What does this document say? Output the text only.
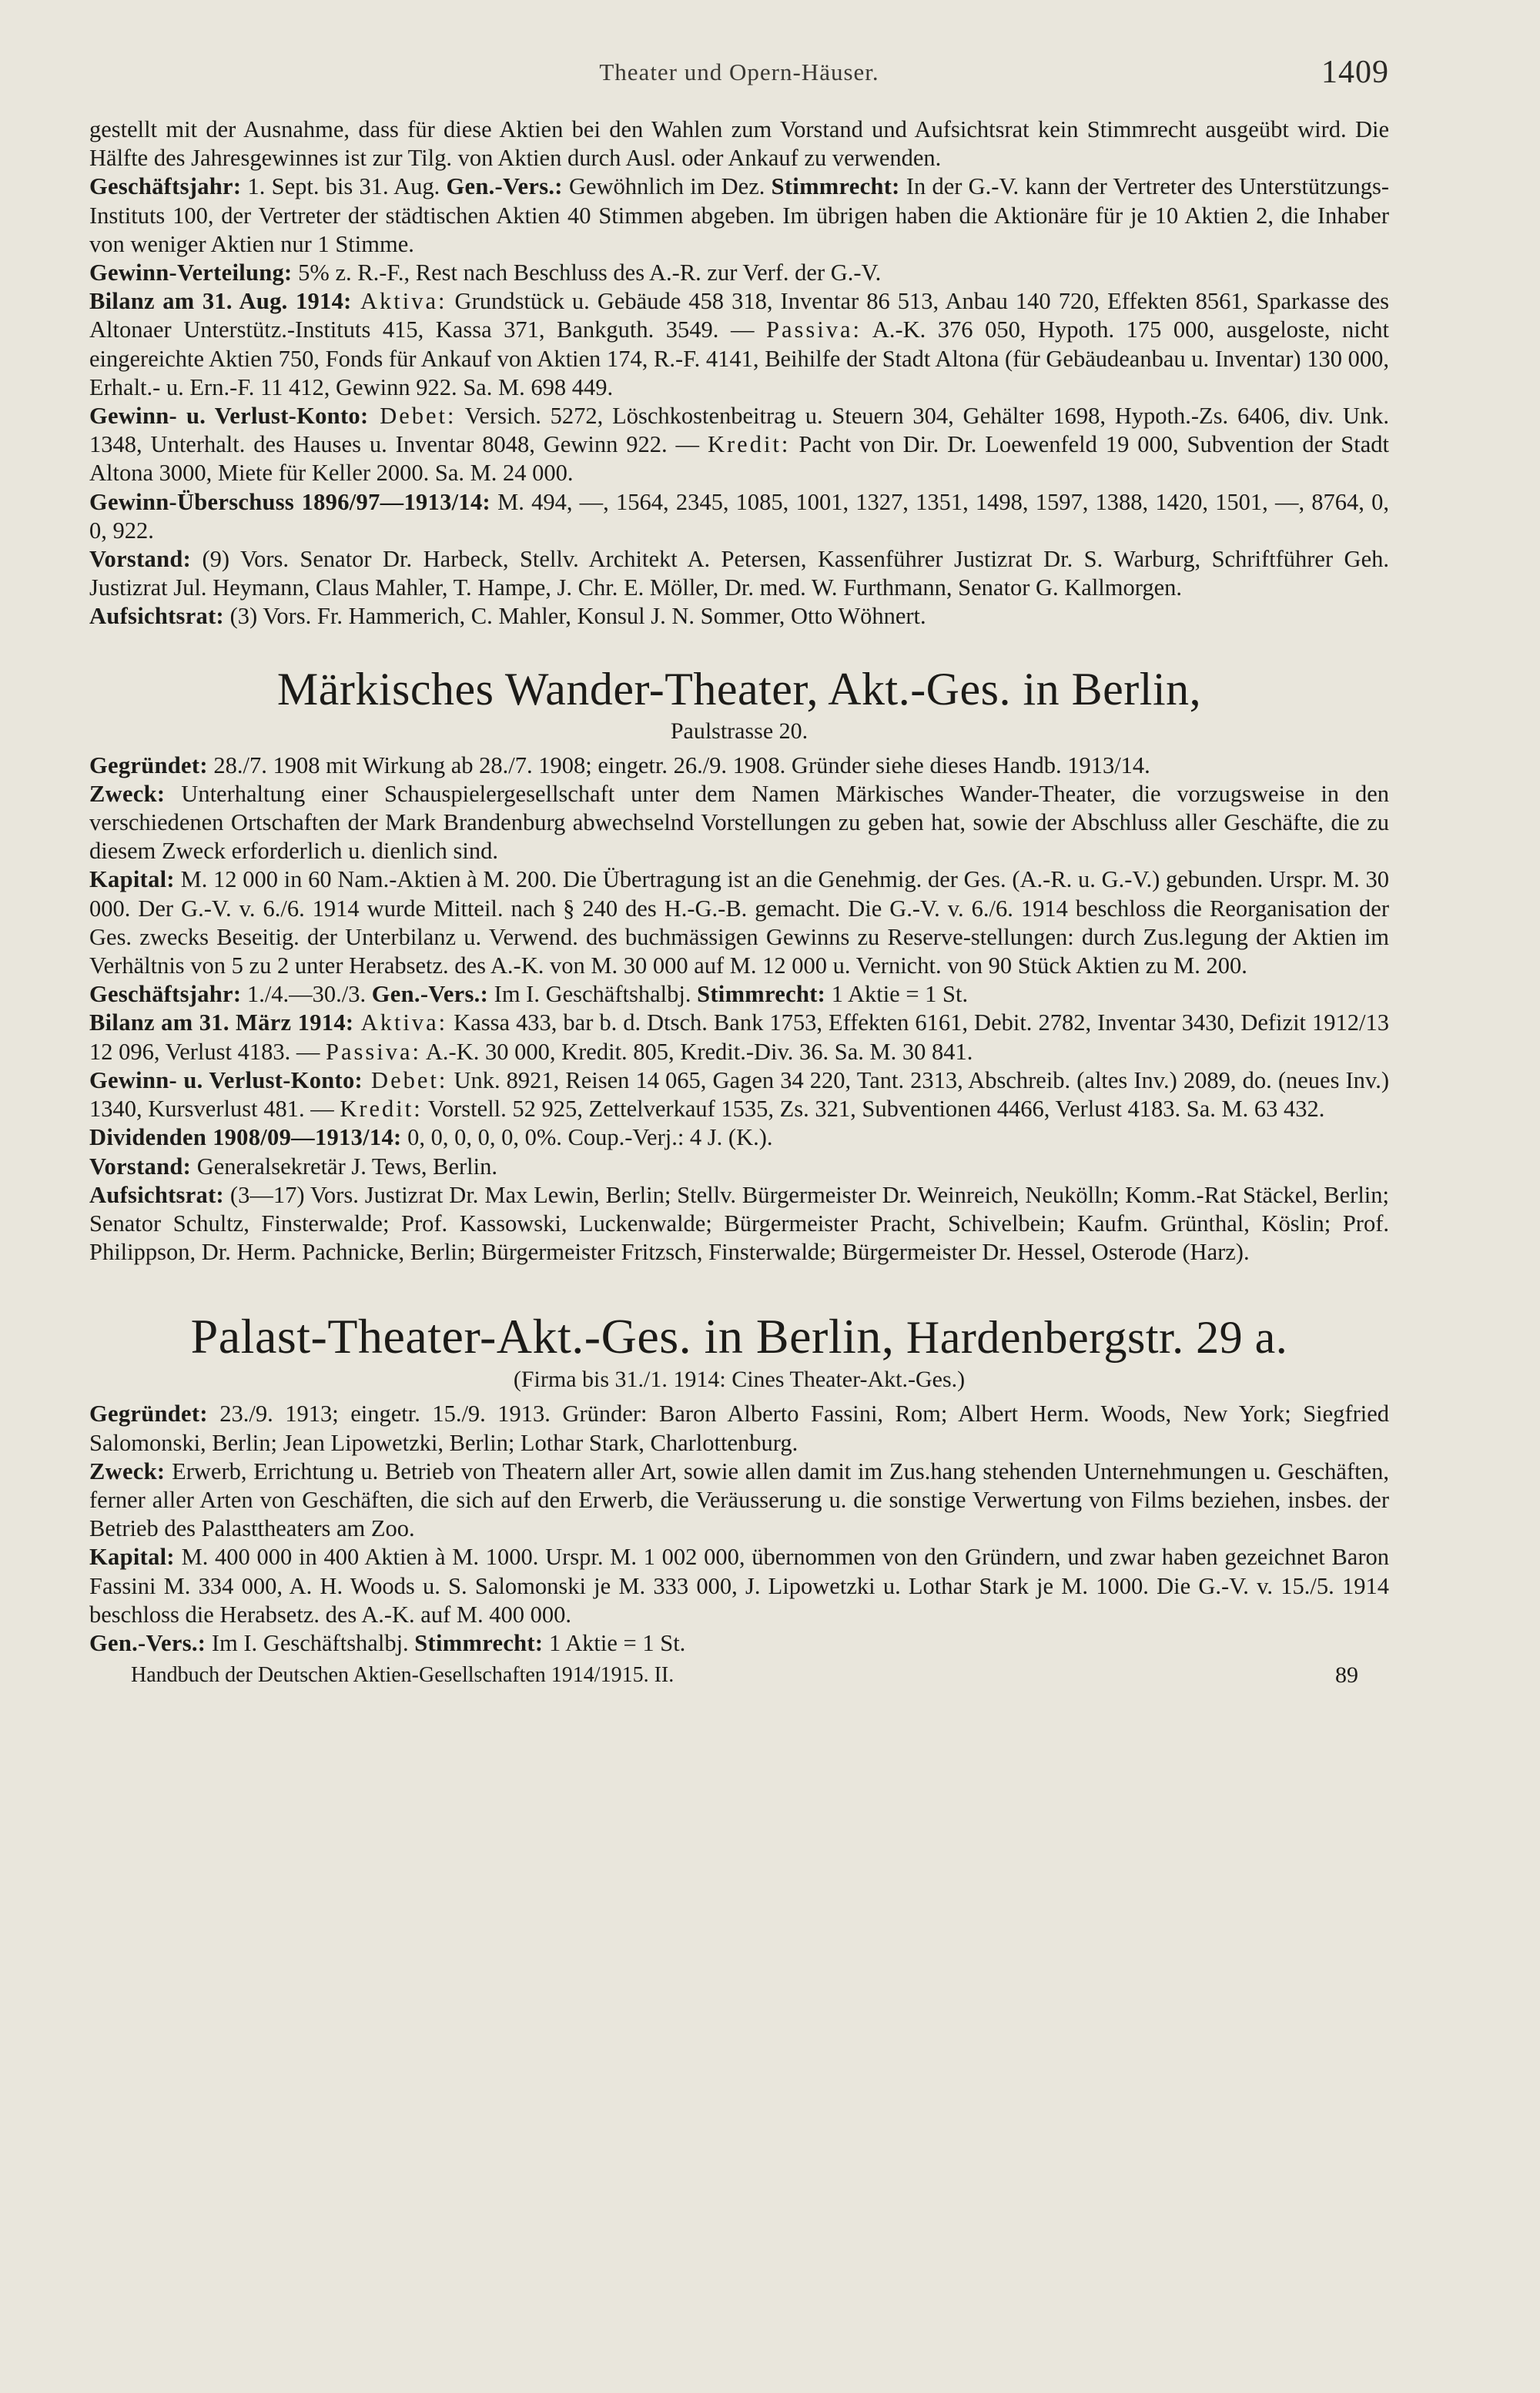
Theater und Opern-Häuser.	1409

gestellt mit der Ausnahme, dass für diese Aktien bei den Wahlen zum Vorstand und Aufsichtsrat kein Stimmrecht ausgeübt wird. Die Hälfte des Jahresgewinnes ist zur Tilg. von Aktien durch Ausl. oder Ankauf zu verwenden.

Geschäftsjahr: 1. Sept. bis 31. Aug. Gen.-Vers.: Gewöhnlich im Dez. Stimmrecht: In der G.-V. kann der Vertreter des Unterstützungs-Instituts 100, der Vertreter der städtischen Aktien 40 Stimmen abgeben. Im übrigen haben die Aktionäre für je 10 Aktien 2, die Inhaber von weniger Aktien nur 1 Stimme.

Gewinn-Verteilung: 5% z. R.-F., Rest nach Beschluss des A.-R. zur Verf. der G.-V.

Bilanz am 31. Aug. 1914: Aktiva: Grundstück u. Gebäude 458 318, Inventar 86 513, Anbau 140 720, Effekten 8561, Sparkasse des Altonaer Unterstütz.-Instituts 415, Kassa 371, Bankguth. 3549. — Passiva: A.-K. 376 050, Hypoth. 175 000, ausgeloste, nicht eingereichte Aktien 750, Fonds für Ankauf von Aktien 174, R.-F. 4141, Beihilfe der Stadt Altona (für Gebäudeanbau u. Inventar) 130 000, Erhalt.- u. Ern.-F. 11 412, Gewinn 922. Sa. M. 698 449.

Gewinn- u. Verlust-Konto: Debet: Versich. 5272, Löschkostenbeitrag u. Steuern 304, Gehälter 1698, Hypoth.-Zs. 6406, div. Unk. 1348, Unterhalt. des Hauses u. Inventar 8048, Gewinn 922. — Kredit: Pacht von Dir. Dr. Loewenfeld 19 000, Subvention der Stadt Altona 3000, Miete für Keller 2000. Sa. M. 24 000.

Gewinn-Überschuss 1896/97—1913/14: M. 494, —, 1564, 2345, 1085, 1001, 1327, 1351, 1498, 1597, 1388, 1420, 1501, —, 8764, 0, 0, 922.

Vorstand: (9) Vors. Senator Dr. Harbeck, Stellv. Architekt A. Petersen, Kassenführer Justizrat Dr. S. Warburg, Schriftführer Geh. Justizrat Jul. Heymann, Claus Mahler, T. Hampe, J. Chr. E. Möller, Dr. med. W. Furthmann, Senator G. Kallmorgen.

Aufsichtsrat: (3) Vors. Fr. Hammerich, C. Mahler, Konsul J. N. Sommer, Otto Wöhnert.

Märkisches Wander-Theater, Akt.-Ges. in Berlin,
Paulstrasse 20.

Gegründet: 28./7. 1908 mit Wirkung ab 28./7. 1908; eingetr. 26./9. 1908. Gründer siehe dieses Handb. 1913/14.

Zweck: Unterhaltung einer Schauspielergesellschaft unter dem Namen Märkisches Wander-Theater, die vorzugsweise in den verschiedenen Ortschaften der Mark Brandenburg abwechselnd Vorstellungen zu geben hat, sowie der Abschluss aller Geschäfte, die zu diesem Zweck erforderlich u. dienlich sind.

Kapital: M. 12 000 in 60 Nam.-Aktien à M. 200. Die Übertragung ist an die Genehmig. der Ges. (A.-R. u. G.-V.) gebunden. Urspr. M. 30 000. Der G.-V. v. 6./6. 1914 wurde Mitteil. nach § 240 des H.-G.-B. gemacht. Die G.-V. v. 6./6. 1914 beschloss die Reorganisation der Ges. zwecks Beseitig. der Unterbilanz u. Verwend. des buchmässigen Gewinns zu Reserve-stellungen: durch Zus.legung der Aktien im Verhältnis von 5 zu 2 unter Herabsetz. des A.-K. von M. 30 000 auf M. 12 000 u. Vernicht. von 90 Stück Aktien zu M. 200.

Geschäftsjahr: 1./4.—30./3. Gen.-Vers.: Im I. Geschäftshalbj. Stimmrecht: 1 Aktie = 1 St.

Bilanz am 31. März 1914: Aktiva: Kassa 433, bar b. d. Dtsch. Bank 1753, Effekten 6161, Debit. 2782, Inventar 3430, Defizit 1912/13 12 096, Verlust 4183. — Passiva: A.-K. 30 000, Kredit. 805, Kredit.-Div. 36. Sa. M. 30 841.

Gewinn- u. Verlust-Konto: Debet: Unk. 8921, Reisen 14 065, Gagen 34 220, Tant. 2313, Abschreib. (altes Inv.) 2089, do. (neues Inv.) 1340, Kursverlust 481. — Kredit: Vorstell. 52 925, Zettelverkauf 1535, Zs. 321, Subventionen 4466, Verlust 4183. Sa. M. 63 432.

Dividenden 1908/09—1913/14: 0, 0, 0, 0, 0, 0%. Coup.-Verj.: 4 J. (K.).

Vorstand: Generalsekretär J. Tews, Berlin.

Aufsichtsrat: (3—17) Vors. Justizrat Dr. Max Lewin, Berlin; Stellv. Bürgermeister Dr. Weinreich, Neukölln; Komm.-Rat Stäckel, Berlin; Senator Schultz, Finsterwalde; Prof. Kassowski, Luckenwalde; Bürgermeister Pracht, Schivelbein; Kaufm. Grünthal, Köslin; Prof. Philippson, Dr. Herm. Pachnicke, Berlin; Bürgermeister Fritzsch, Finsterwalde; Bürgermeister Dr. Hessel, Osterode (Harz).

Palast-Theater-Akt.-Ges. in Berlin, Hardenbergstr. 29 a.
(Firma bis 31./1. 1914: Cines Theater-Akt.-Ges.)

Gegründet: 23./9. 1913; eingetr. 15./9. 1913. Gründer: Baron Alberto Fassini, Rom; Albert Herm. Woods, New York; Siegfried Salomonski, Berlin; Jean Lipowetzki, Berlin; Lothar Stark, Charlottenburg.

Zweck: Erwerb, Errichtung u. Betrieb von Theatern aller Art, sowie allen damit im Zus.hang stehenden Unternehmungen u. Geschäften, ferner aller Arten von Geschäften, die sich auf den Erwerb, die Veräusserung u. die sonstige Verwertung von Films beziehen, insbes. der Betrieb des Palasttheaters am Zoo.

Kapital: M. 400 000 in 400 Aktien à M. 1000. Urspr. M. 1 002 000, übernommen von den Gründern, und zwar haben gezeichnet Baron Fassini M. 334 000, A. H. Woods u. S. Salomonski je M. 333 000, J. Lipowetzki u. Lothar Stark je M. 1000. Die G.-V. v. 15./5. 1914 beschloss die Herabsetz. des A.-K. auf M. 400 000.

Gen.-Vers.: Im I. Geschäftshalbj. Stimmrecht: 1 Aktie = 1 St.

Handbuch der Deutschen Aktien-Gesellschaften 1914/1915. II.	89
